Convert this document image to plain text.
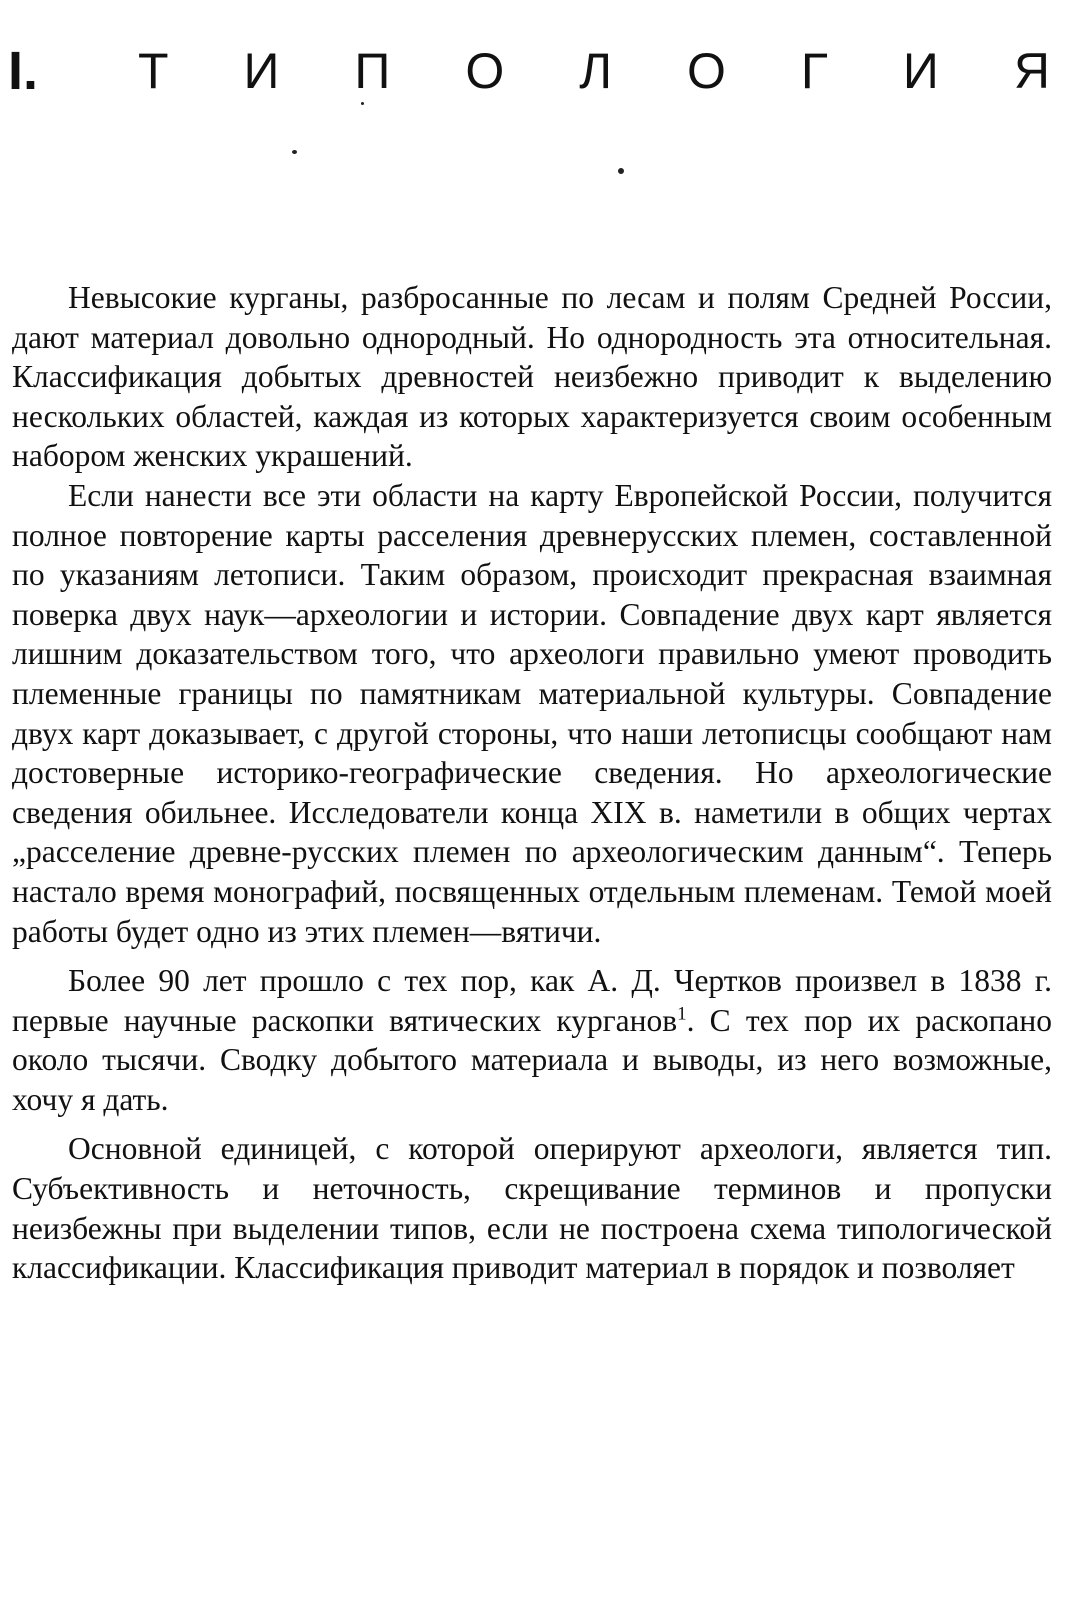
I.	Т И П О Л О Г И Я

Невысокие курганы, разбросанные по лесам и полям Средней России, дают материал довольно однородный. Но однородность эта относительная. Классификация добытых древностей неизбежно приводит к выделению нескольких областей, каждая из которых характеризуется своим особенным набором женских украшений.

Если нанести все эти области на карту Европейской России, получится полное повторение карты расселения древнерусских племен, составленной по указаниям летописи. Таким образом, происходит прекрасная взаимная поверка двух наук—археологии и истории. Совпадение двух карт является лишним доказательством того, что археологи правильно умеют проводить племенные границы по памятникам материальной культуры. Совпадение двух карт доказывает, с другой стороны, что наши летописцы сообщают нам достоверные историко-географические сведения. Но археологические сведения обильнее. Исследователи конца XIX в. наметили в общих чертах „расселение древне-русских племен по археологическим данным“. Теперь настало время монографий, посвященных отдельным племенам. Темой моей работы будет одно из этих племен—вятичи.

Более 90 лет прошло с тех пор, как А. Д. Чертков произвел в 1838 г. первые научные раскопки вятических курганов$^1$. С тех пор их раскопано около тысячи. Сводку добытого материала и выводы, из него возможные, хочу я дать.

Основной единицей, с которой оперируют археологи, является тип. Субъективность и неточность, скрещивание терминов и пропуски неизбежны при выделении типов, если не построена схема типологической классификации. Классификация приводит материал в порядок и позволяет
